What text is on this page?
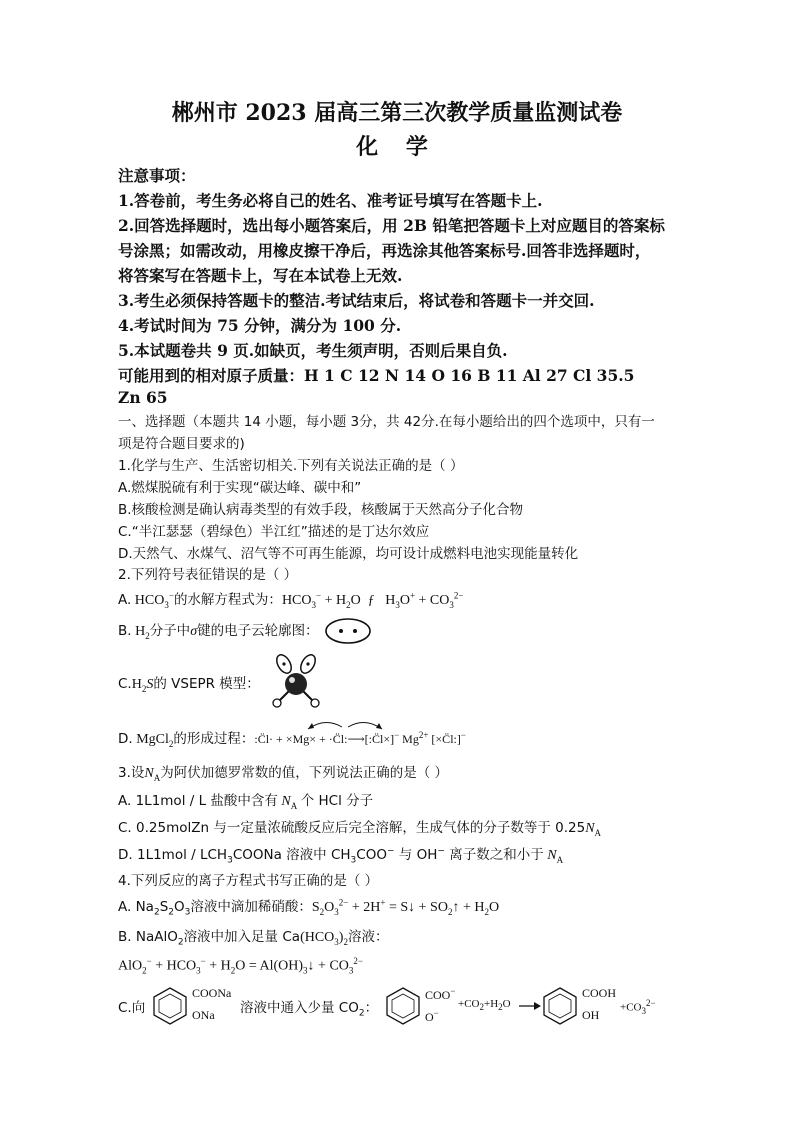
郴州市 2023 届高三第三次教学质量监测试卷
化 学
注意事项：
1.答卷前，考生务必将自己的姓名、准考证号填写在答题卡上.
2.回答选择题时，选出每小题答案后，用 2B 铅笔把答题卡上对应题目的答案标
号涂黑；如需改动，用橡皮擦干净后，再选涂其他答案标号.回答非选择题时，
将答案写在答题卡上，写在本试卷上无效.
3.考生必须保持答题卡的整洁.考试结束后，将试卷和答题卡一并交回.
4.考试时间为 75 分钟，满分为 100 分.
5.本试题卷共 9 页.如缺页，考生须声明，否则后果自负.
可能用到的相对原子质量：H 1 C 12 N 14 O 16 B 11 Al 27 Cl 35.5
Zn 65
一、选择题（本题共 14 小题，每小题 3分，共 42分.在每小题给出的四个选项中，只有一
项是符合题目要求的)
1.化学与生产、生活密切相关.下列有关说法正确的是（ ）
A.燃煤脱硫有利于实现“碳达峰、碳中和”
B.核酸检测是确认病毒类型的有效手段，核酸属于天然高分子化合物
C.“半江瑟瑟（碧绿色）半江红”描述的是丁达尔效应
D.天然气、水煤气、沼气等不可再生能源，均可设计成燃料电池实现能量转化
2.下列符号表征错误的是（ ）
A. $HCO_3^-$的水解方程式为：$HCO_3^- + H_2O$  ƒ   $H_3O^+ + CO_3^{2-}$
B. $H_2$分子中σ键的电子云轮廓图：
$C.H_2S$的 VSEPR 模型：
D. MgCl$_2$的形成过程：:C̈l· + ×Mg× + ·C̈l:⟶[:C̈l×]− $Mg^{2+}$ [×C̈l:]−
3.设$N_A$为阿伏加德罗常数的值，下列说法正确的是（ ）
A. 1L1mol / L 盐酸中含有 $N_A$ 个 HCl 分子
C. 0.25molZn 与一定量浓硫酸反应后完全溶解，生成气体的分子数等于 $0.25N_A$
D. $1L1mol / LCH_3COONa$ 溶液中 $CH_3COO^-$ 与 OH− 离子数之和小于 $N_A$
4.下列反应的离子方程式书写正确的是（ ）
A. $Na_2S_2O_3$溶液中滴加稀硝酸：$S_2O_3^{2-} + 2H^+$ = S↓ + $SO_2↑ + H_2O$
B. NaAlO$_2$溶液中加入足量 $Ca(HCO_3)_2$溶液：
$AlO_2^- + HCO_3^- + H_2O$ = $Al(OH)_3↓ + CO_3^{2-}$
C.向
COONa
ONa 溶液中通入少量 $CO_2$：
COO−
O−
$+CO_2+H_2O$ →
COOH
OH
$+CO_3^{2-}$
